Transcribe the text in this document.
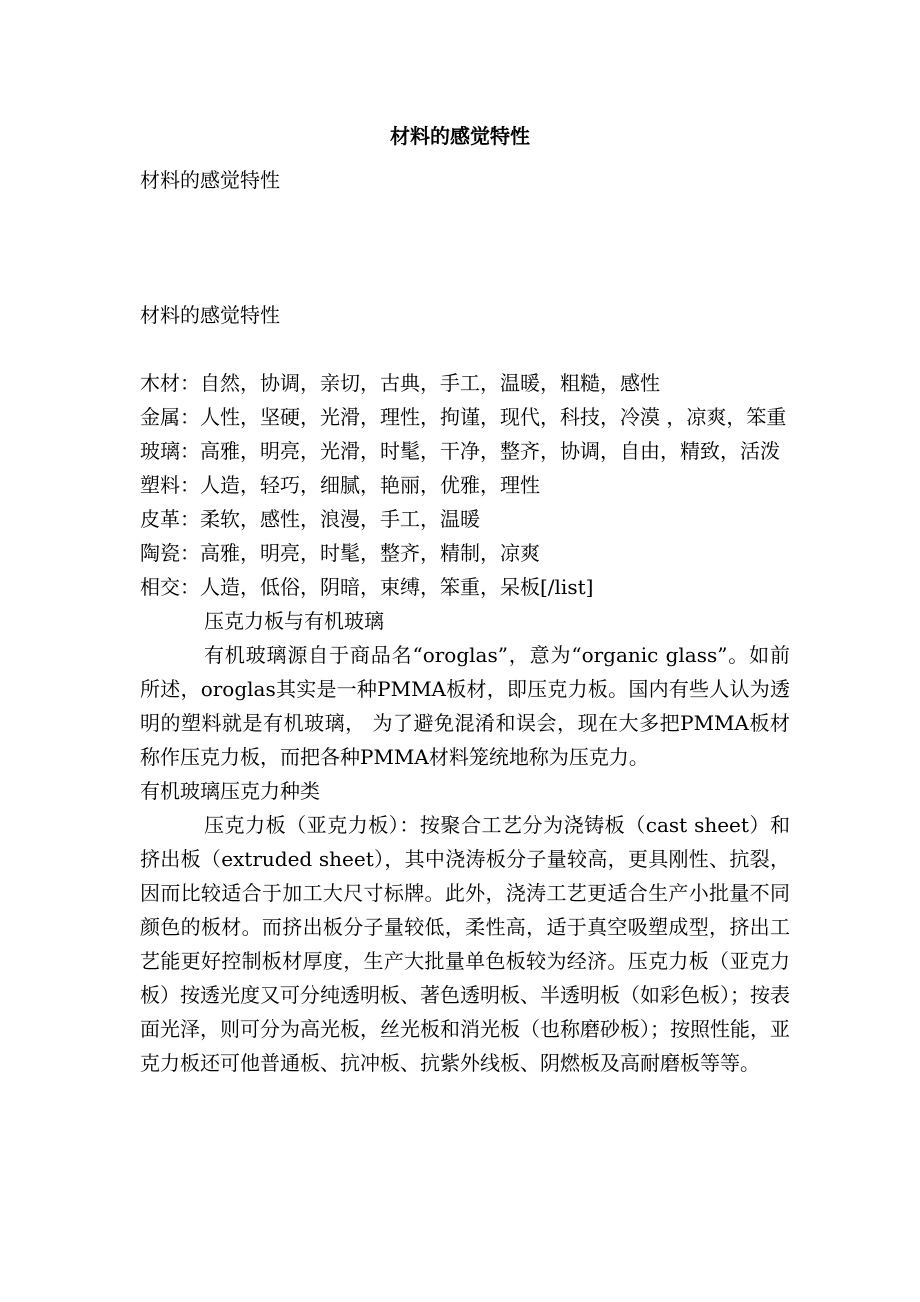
材料的感觉特性
材料的感觉特性
材料的感觉特性

木材：自然，协调，亲切，古典，手工，温暖，粗糙，感性

金属：人性，坚硬，光滑，理性，拘谨，现代，科技，冷漠 ，凉爽，笨重

玻璃：高雅，明亮，光滑，时髦，干净，整齐，协调，自由，精致，活泼

塑料：人造，轻巧，细腻，艳丽，优雅，理性

皮革：柔软，感性，浪漫，手工，温暖

陶瓷：高雅，明亮，时髦，整齐，精制，凉爽

相交：人造，低俗，阴暗，束缚，笨重，呆板[/list]

压克力板与有机玻璃

有机玻璃源自于商品名“oroglas”，意为“organic glass”。如前所述，oroglas其实是一种PMMA板材，即压克力板。国内有些人认为透明的塑料就是有机玻璃， 为了避免混淆和误会，现在大多把PMMA板材称作压克力板，而把各种PMMA材料笼统地称为压克力。

有机玻璃压克力种类

压克力板（亚克力板）：按聚合工艺分为浇铸板（cast sheet）和挤出板（extruded sheet），其中浇涛板分子量较高，更具刚性、抗裂，因而比较适合于加工大尺寸标牌。此外，浇涛工艺更适合生产小批量不同颜色的板材。而挤出板分子量较低，柔性高，适于真空吸塑成型，挤出工艺能更好控制板材厚度，生产大批量单色板较为经济。压克力板（亚克力板）按透光度又可分纯透明板、著色透明板、半透明板（如彩色板）；按表面光泽，则可分为高光板，丝光板和消光板（也称磨砂板）；按照性能，亚克力板还可他普通板、抗冲板、抗紫外线板、阴燃板及高耐磨板等等。
